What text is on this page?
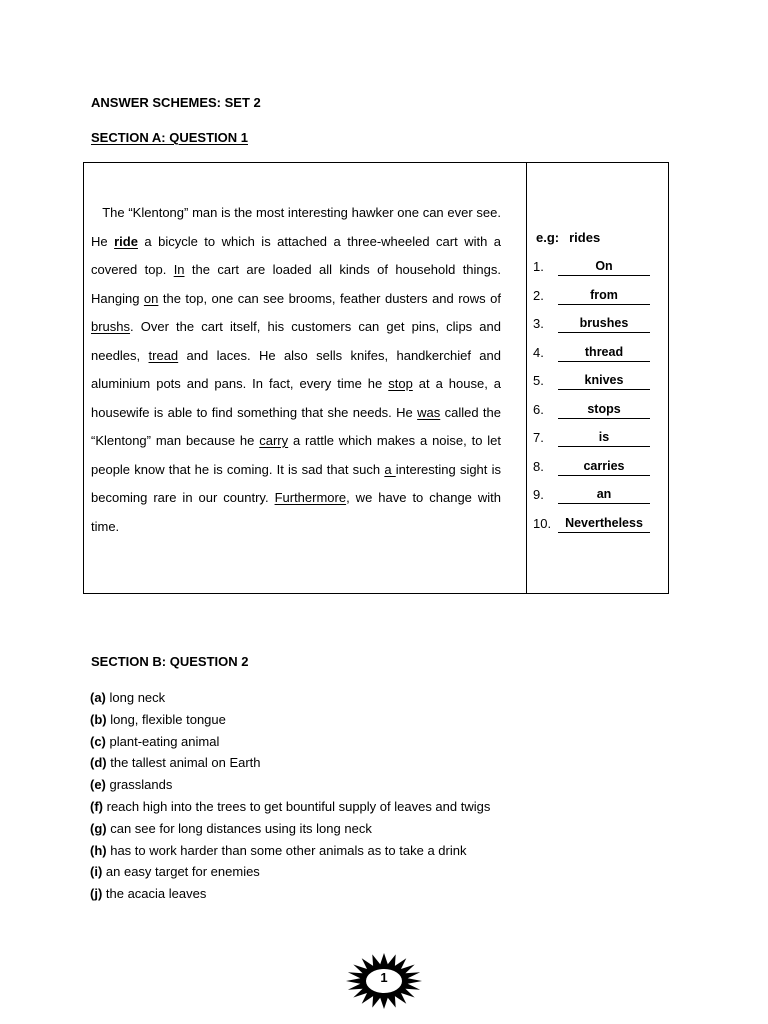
ANSWER SCHEMES: SET 2
SECTION A: QUESTION 1
The “Klentong” man is the most interesting hawker one can ever see. He ride a bicycle to which is attached a three-wheeled cart with a covered top. In the cart are loaded all kinds of household things. Hanging on the top, one can see brooms, feather dusters and rows of brushs. Over the cart itself, his customers can get pins, clips and needles, tread and laces. He also sells knifes, handkerchief and aluminium pots and pans. In fact, every time he stop at a house, a housewife is able to find something that she needs. He was called the “Klentong” man because he carry a rattle which makes a noise, to let people know that he is coming. It is sad that such a interesting sight is becoming rare in our country. Furthermore, we have to change with time.
e.g: rides
1.	On
2.	from
3.	brushes
4.	thread
5.	knives
6.	stops
7.	is
8.	carries
9.	an
10.	Nevertheless
SECTION B: QUESTION 2
(a) long neck
(b) long, flexible tongue
(c) plant-eating animal
(d) the tallest animal on Earth
(e) grasslands
(f) reach high into the trees to get bountiful supply of leaves and twigs
(g) can see for long distances using its long neck
(h) has to work harder than some other animals as to take a drink
(i) an easy target for enemies
(j) the acacia leaves
1
